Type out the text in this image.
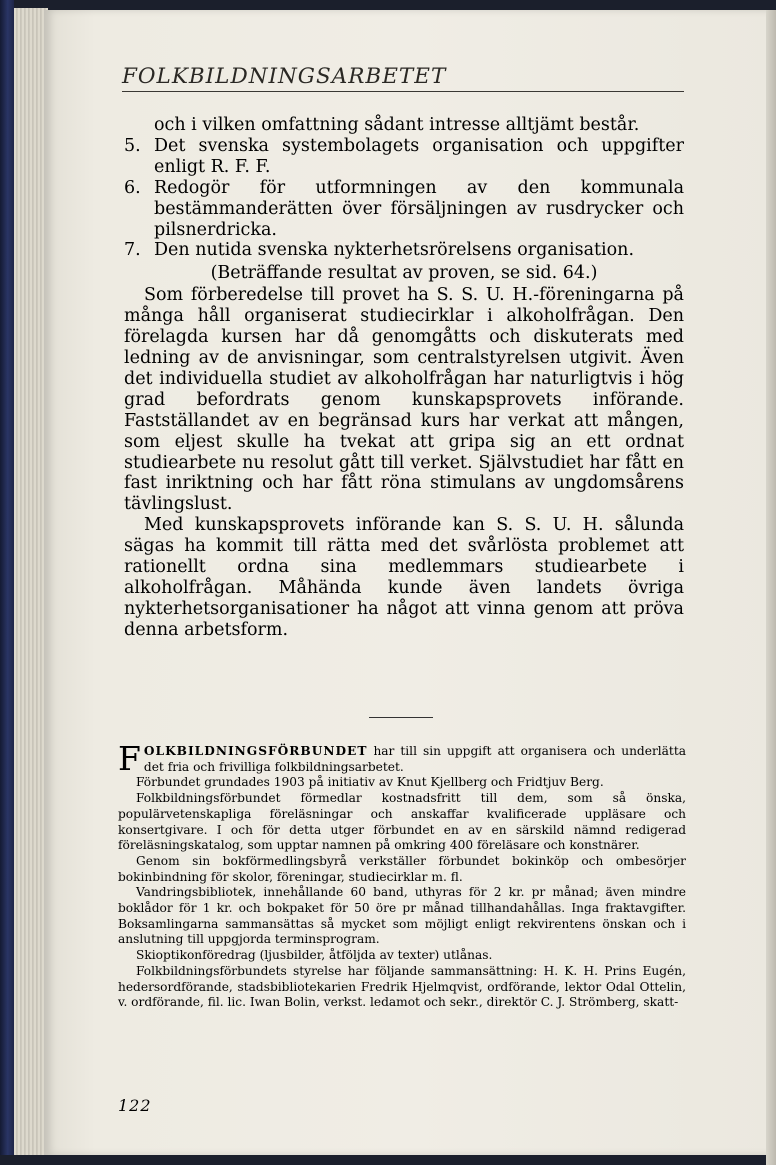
FOLKBILDNINGSARBETET
och i vilken omfattning sådant intresse alltjämt består.
5. Det svenska systembolagets organisation och uppgifter enligt R. F. F.
6. Redogör för utformningen av den kommunala bestämmanderätten över försäljningen av rusdrycker och pilsnerdricka.
7. Den nutida svenska nykterhetsrörelsens organisation.
(Beträffande resultat av proven, se sid. 64.)

Som förberedelse till provet ha S. S. U. H.-föreningarna på många håll organiserat studiecirklar i alkoholfrågan. Den förelagda kursen har då genomgåtts och diskuterats med ledning av de anvisningar, som centralstyrelsen utgivit. Även det individuella studiet av alkoholfrågan har naturligtvis i hög grad befordrats genom kunskapsprovets införande. Fastställandet av en begränsad kurs har verkat att mången, som eljest skulle ha tvekat att gripa sig an ett ordnat studiearbete nu resolut gått till verket. Självstudiet har fått en fast inriktning och har fått röna stimulans av ungdomsårens tävlingslust.

Med kunskapsprovets införande kan S. S. U. H. sålunda sägas ha kommit till rätta med det svårlösta problemet att rationellt ordna sina medlemmars studiearbete i alkoholfrågan. Måhända kunde även landets övriga nykterhetsorganisationer ha något att vinna genom att pröva denna arbetsform.

FOLKBILDNINGSFÖRBUNDET har till sin uppgift att organisera och underlätta det fria och frivilliga folkbildningsarbetet.

Förbundet grundades 1903 på initiativ av Knut Kjellberg och Fridtjuv Berg.

Folkbildningsförbundet förmedlar kostnadsfritt till dem, som så önska, populärvetenskapliga föreläsningar och anskaffar kvalificerade uppläsare och konsertgivare. I och för detta utger förbundet en av en särskild nämnd redigerad föreläsningskatalog, som upptar namnen på omkring 400 föreläsare och konstnärer.

Genom sin bokförmedlingsbyrå verkställer förbundet bokinköp och ombesörjer bokinbindning för skolor, föreningar, studiecirklar m. fl.

Vandringsbibliotek, innehållande 60 band, uthyras för 2 kr. pr månad; även mindre boklådor för 1 kr. och bokpaket för 50 öre pr månad tillhandahållas. Inga fraktavgifter. Boksamlingarna sammansättas så mycket som möjligt enligt rekvirentens önskan och i anslutning till uppgjorda terminsprogram.

Skioptikonföredrag (ljusbilder, åtföljda av texter) utlånas.

Folkbildningsförbundets styrelse har följande sammansättning: H. K. H. Prins Eugén, hedersordförande, stadsbibliotekarien Fredrik Hjelmqvist, ordförande, lektor Odal Ottelin, v. ordförande, fil. lic. Iwan Bolin, verkst. ledamot och sekr., direktör C. J. Strömberg, skatt-

122
